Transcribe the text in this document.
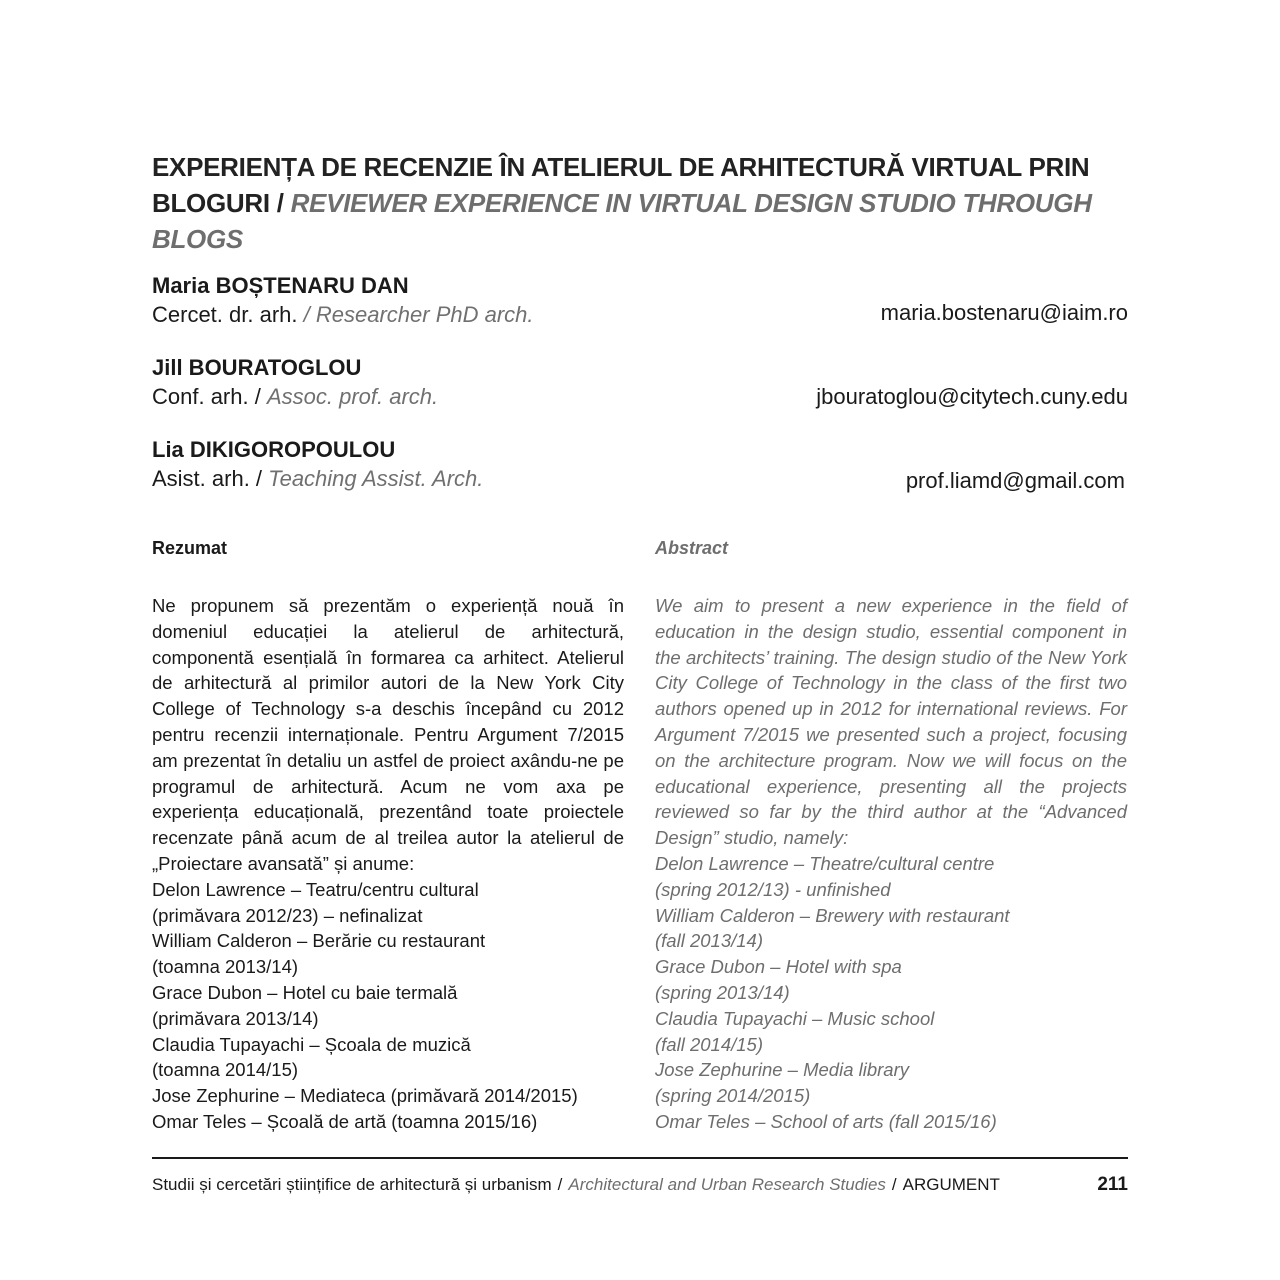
EXPERIENȚA DE RECENZIE ÎN ATELIERUL DE ARHITECTURĂ VIRTUAL PRIN BLOGURI / REVIEWER EXPERIENCE IN VIRTUAL DESIGN STUDIO THROUGH BLOGS
Maria BOȘTENARU DAN
Cercet. dr. arh. / Researcher PhD arch.	maria.bostenaru@iaim.ro
Jill BOURATOGLOU
Conf. arh. / Assoc. prof. arch.	jbouratoglou@citytech.cuny.edu
Lia DIKIGOROPOULOU
Asist. arh. / Teaching Assist. Arch.	prof.liamd@gmail.com
Rezumat

Ne propunem să prezentăm o experiență nouă în domeniul educației la atelierul de arhitectură, componentă esențială în formarea ca arhitect. Atelierul de arhitectură al primilor autori de la New York City College of Technology s-a deschis începând cu 2012 pentru recenzii internaționale. Pentru Argument 7/2015 am prezentat în detaliu un astfel de proiect axându-ne pe programul de arhitectură. Acum ne vom axa pe experiența educațională, prezentând toate proiectele recenzate până acum de al treilea autor la atelierul de „Proiectare avansată” și anume:

Delon Lawrence – Teatru/centru cultural
(primăvara 2012/23) – nefinalizat
William Calderon – Berărie cu restaurant
(toamna 2013/14)
Grace Dubon – Hotel cu baie termală
(primăvara 2013/14)
Claudia Tupayachi – Școala de muzică
(toamna 2014/15)
Jose Zephurine – Mediateca (primăvară 2014/2015)
Omar Teles – Școală de artă (toamna 2015/16)
Abstract

We aim to present a new experience in the field of education in the design studio, essential component in the architects’ training. The design studio of the New York City College of Technology in the class of the first two authors opened up in 2012 for international reviews. For Argument 7/2015 we presented such a project, focusing on the architecture program. Now we will focus on the educational experience, presenting all the projects reviewed so far by the third author at the “Advanced Design” studio, namely:

Delon Lawrence – Theatre/cultural centre
(spring 2012/13) - unfinished
William Calderon – Brewery with restaurant
(fall 2013/14)
Grace Dubon – Hotel with spa
(spring 2013/14)
Claudia Tupayachi – Music school
(fall 2014/15)
Jose Zephurine – Media library
(spring 2014/2015)
Omar Teles – School of arts (fall 2015/16)
Studii și cercetări științifice de arhitectură și urbanism / Architectural and Urban Research Studies / ARGUMENT	211
